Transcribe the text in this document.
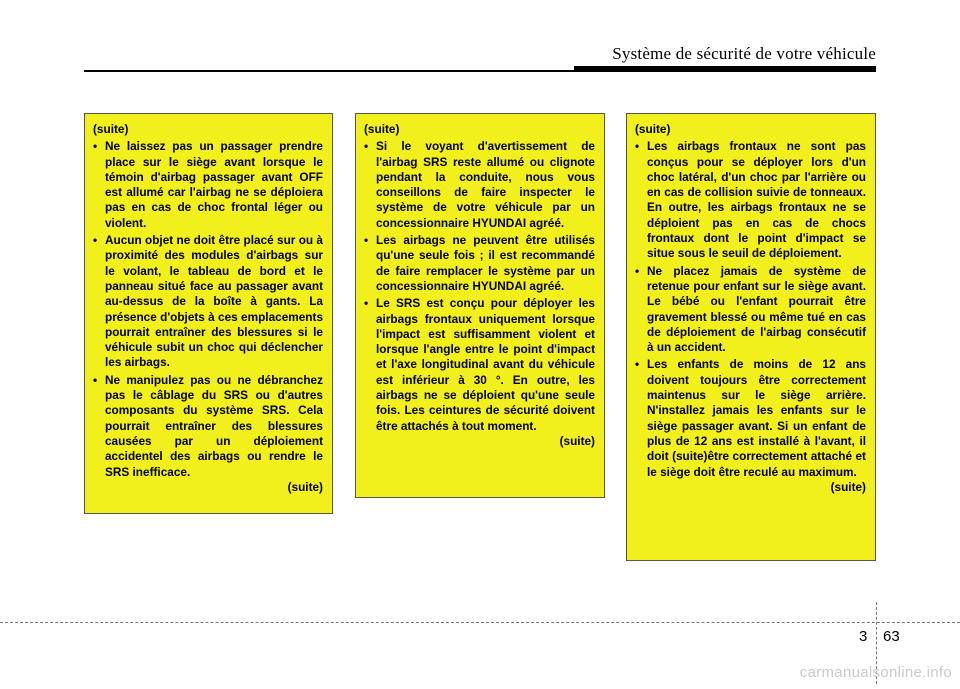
Système de sécurité de votre véhicule
(suite)
• Ne laissez pas un passager prendre place sur le siège avant lorsque le témoin d'airbag passager avant OFF est allumé car l'airbag ne se déploiera pas en cas de choc frontal léger ou violent.
• Aucun objet ne doit être placé sur ou à proximité des modules d'airbags sur le volant, le tableau de bord et le panneau situé face au passager avant au-dessus de la boîte à gants. La présence d'objets à ces emplacements pourrait entraîner des blessures si le véhicule subit un choc qui déclencher les airbags.
• Ne manipulez pas ou ne débranchez pas le câblage du SRS ou d'autres composants du système SRS. Cela pourrait entraîner des blessures causées par un déploiement accidentel des airbags ou rendre le SRS inefficace.
(suite)
(suite)
• Si le voyant d'avertissement de l'airbag SRS reste allumé ou clignote pendant la conduite, nous vous conseillons de faire inspecter le système de votre véhicule par un concessionnaire HYUNDAI agréé.
• Les airbags ne peuvent être utilisés qu'une seule fois ; il est recommandé de faire remplacer le système par un concessionnaire HYUNDAI agréé.
• Le SRS est conçu pour déployer les airbags frontaux uniquement lorsque l'impact est suffisamment violent et lorsque l'angle entre le point d'impact et l'axe longitudinal avant du véhicule est inférieur à 30 °. En outre, les airbags ne se déploient qu'une seule fois. Les ceintures de sécurité doivent être attachés à tout moment.
(suite)
(suite)
• Les airbags frontaux ne sont pas conçus pour se déployer lors d'un choc latéral, d'un choc par l'arrière ou en cas de collision suivie de tonneaux. En outre, les airbags frontaux ne se déploient pas en cas de chocs frontaux dont le point d'impact se situe sous le seuil de déploiement.
• Ne placez jamais de système de retenue pour enfant sur le siège avant. Le bébé ou l'enfant pourrait être gravement blessé ou même tué en cas de déploiement de l'airbag consécutif à un accident.
• Les enfants de moins de 12 ans doivent toujours être correctement maintenus sur le siège arrière. N'installez jamais les enfants sur le siège passager avant. Si un enfant de plus de 12 ans est installé à l'avant, il doit (suite)être correctement attaché et le siège doit être reculé au maximum.
(suite)
3 63
carmanualsonline.info
